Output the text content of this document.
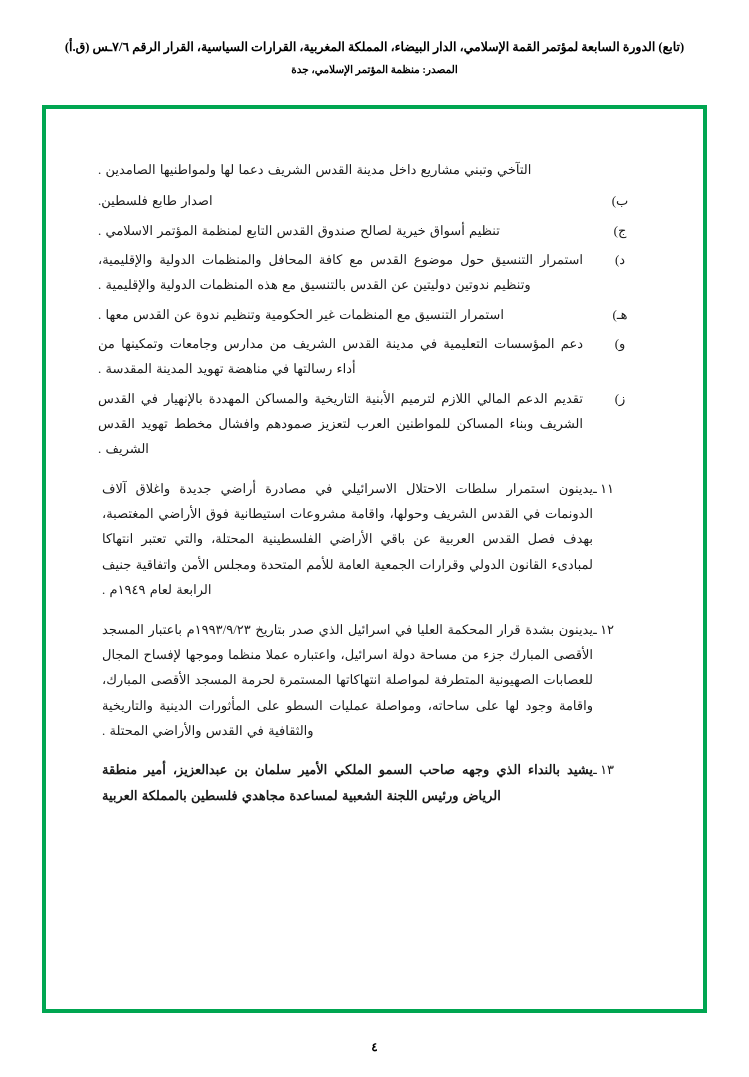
(تابع) الدورة السابعة لمؤتمر القمة الإسلامي، الدار البيضاء، المملكة المغربية، القرارات السياسية، القرار الرقم ٧/٦ـس (ق.أ)
المصدر: منظمة المؤتمر الإسلامي، جدة

التآخي وتبني مشاريع داخل مدينة القدس الشريف دعما لها ولمواطنيها الصامدين .

ب)
اصدار طابع فلسطين.
ج)
تنظيم أسواق خيرية لصالح صندوق القدس التابع لمنظمة المؤتمر الاسلامي .
د)
استمرار التنسيق حول موضوع القدس مع كافة المحافل والمنظمات الدولية والإقليمية، وتنظيم ندوتين دوليتين عن القدس بالتنسيق مع هذه المنظمات الدولية والإقليمية .
هـ)
استمرار التنسيق مع المنظمات غير الحكومية وتنظيم ندوة عن القدس معها .
و)
دعم المؤسسات التعليمية في مدينة القدس الشريف من مدارس وجامعات وتمكينها من أداء رسالتها في مناهضة تهويد المدينة المقدسة .
ز)
تقديم الدعم المالي اللازم لترميم الأبنية التاريخية والمساكن المهددة بالإنهيار في القدس الشريف وبناء المساكن للمواطنين العرب لتعزيز صمودهم وافشال مخطط تهويد القدس الشريف .
١١ ـ
يدينون استمرار سلطات الاحتلال الاسرائيلي في مصادرة أراضي جديدة واغلاق آلاف الدونمات في القدس الشريف وحولها، واقامة مشروعات استيطانية فوق الأراضي المغتصبة، بهدف فصل القدس العربية عن باقي الأراضي الفلسطينية المحتلة، والتي تعتبر انتهاكا لمبادىء القانون الدولي وقرارات الجمعية العامة للأمم المتحدة ومجلس الأمن واتفاقية جنيف الرابعة لعام ١٩٤٩م .
١٢ ـ
يدينون بشدة قرار المحكمة العليا في اسرائيل الذي صدر بتاريخ ١٩٩٣/٩/٢٣م باعتبار المسجد الأقصى المبارك جزء من مساحة دولة اسرائيل، واعتباره عملا منظما وموجها لإفساح المجال للعصابات الصهيونية المتطرفة لمواصلة انتهاكاتها المستمرة لحرمة المسجد الأقصى المبارك، واقامة وجود لها على ساحاته، ومواصلة عمليات السطو على المأثورات الدينية والتاريخية والثقافية في القدس والأراضي المحتلة .
١٣ ـ
يشيد بالنداء الذي وجهه صاحب السمو الملكي الأمير سلمان بن عبدالعزيز، أمير منطقة الرياض ورئيس اللجنة الشعبية لمساعدة مجاهدي فلسطين بالمملكة العربية
٤
